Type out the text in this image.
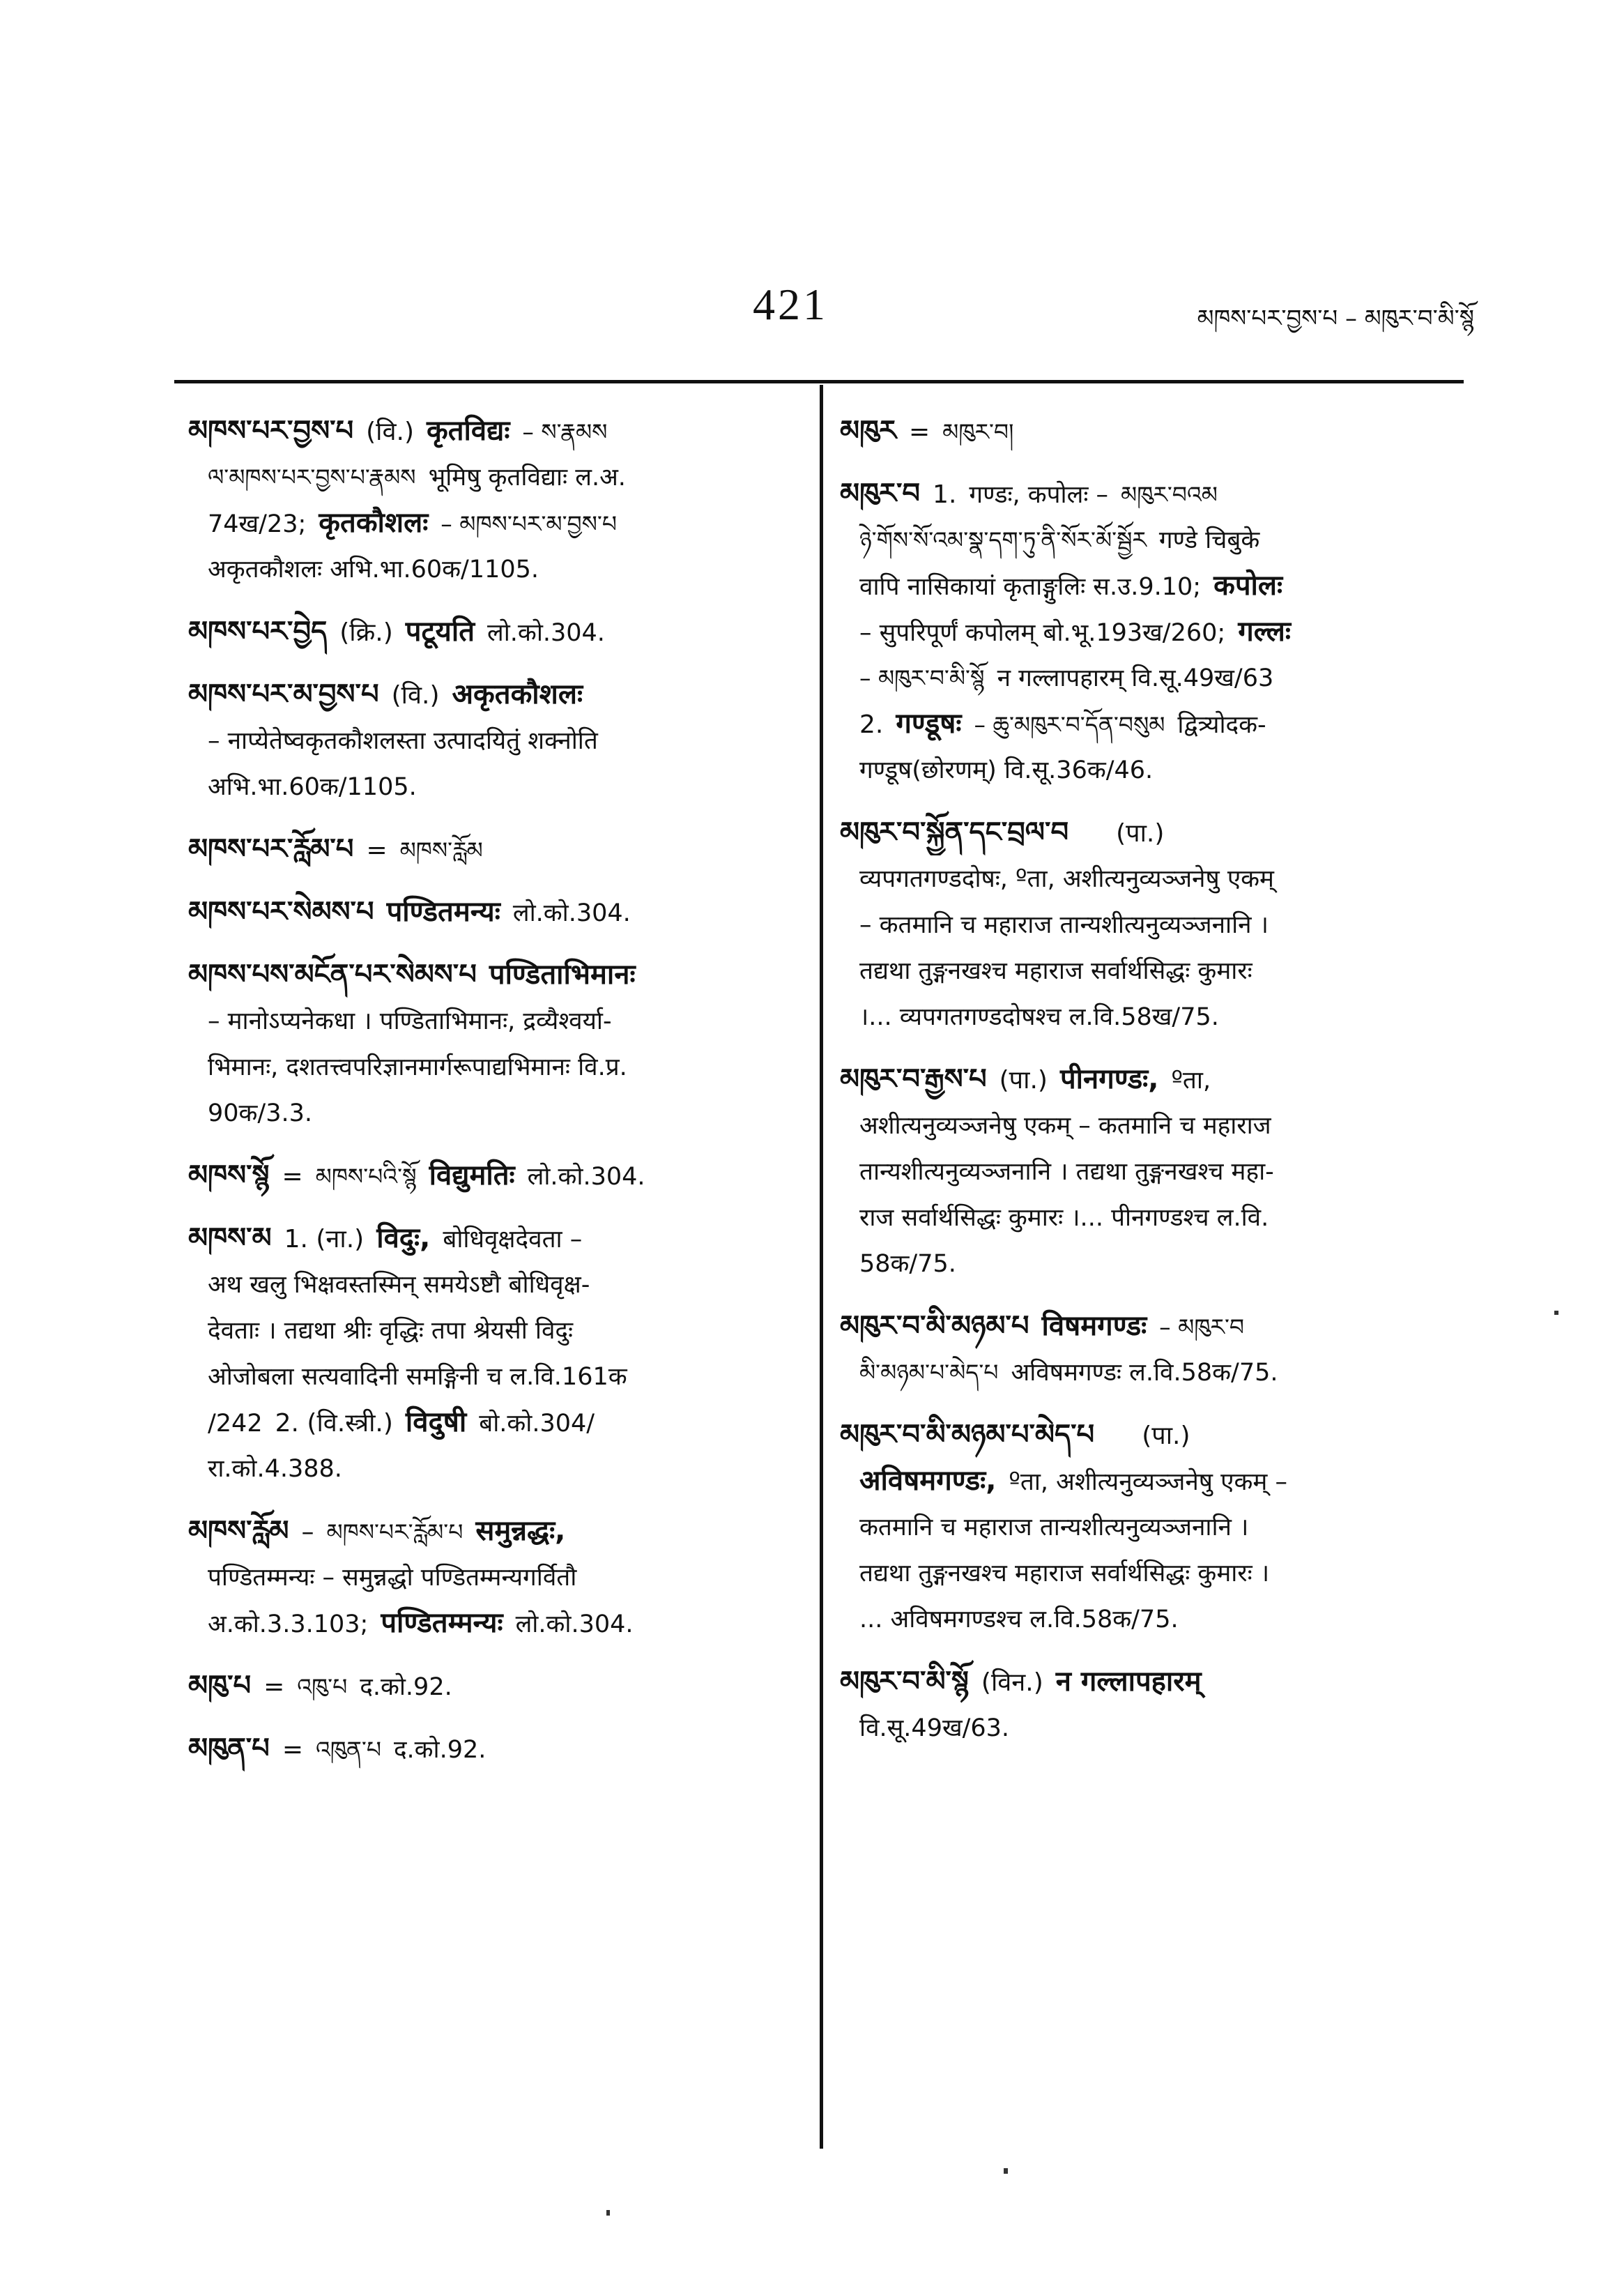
421	མཁས་པར་བྱས་པ – མཁུར་བ་མི་སྙོ
མཁས་པར་བྱས་པ (वि.) कृतविद्यः – ས་རྣམས
ལ་མཁས་པར་བྱས་པ་རྣམས भूमिषु कृतविद्याः ल.अ.
74ख/23; कृतकौशलः – མཁས་པར་མ་བྱས་པ
अकृतकौशलः अभि.भा.60क/1105.
མཁས་པར་བྱེད (क्रि.) पटूयति लो.को.304.
མཁས་པར་མ་བྱས་པ (वि.) अकृतकौशलः
– नाप्येतेष्वकृतकौशलस्ता उत्पादयितुं शक्नोति
अभि.भा.60क/1105.
མཁས་པར་རློམ་པ = མཁས་རློམ
མཁས་པར་སེམས་པ पण्डितमन्यः लो.को.304.
མཁས་པས་མངོན་པར་སེམས་པ पण्डिताभिमानः
– मानोऽप्यनेकधा । पण्डिताभिमानः, द्रव्यैश्वर्या-
भिमानः, दशतत्त्वपरिज्ञानमार्गरूपाद्यभिमानः वि.प्र.
90क/3.3.
མཁས་སྙོ = མཁས་པའི་སྙོ विद्युमतिः लो.को.304.
མཁས་མ 1. (ना.) विदुः, बोधिवृक्षदेवता –
अथ खलु भिक्षवस्तस्मिन् समयेऽष्टौ बोधिवृक्ष-
देवताः । तद्यथा श्रीः वृद्धिः तपा श्रेयसी विदुः
ओजोबला सत्यवादिनी समङ्गिनी च ल.वि.161क
/242 2. (वि.स्त्री.) विदुषी बो.को.304/
रा.को.4.388.
མཁས་རློམ – མཁས་པར་རློམ་པ समुन्नद्धः,
पण्डितम्मन्यः – समुन्नद्धो पण्डितम्मन्यगर्वितौ
अ.को.3.3.103; पण्डितम्मन्यः लो.को.304.
མཁུ་པ = འཁུ་པ द.को.92.
མཁུན་པ = འཁུན་པ द.को.92.
མཁུར = མཁུར་བ།
མཁུར་བ 1. गण्डः, कपोलः – མཁུར་བའམ
ཉེ་གོས་སོ་འམ་སྣ་དག་ཏུ་ནི་སོར་མོ་སྦྱོར गण्डे चिबुके
वापि नासिकायां कृताङ्गुलिः स.उ.9.10; कपोलः
– सुपरिपूर्णं कपोलम् बो.भू.193ख/260; गल्लः
– མཁུར་བ་མི་སྙོ न गल्लापहारम् वि.सू.49ख/63
2. गण्डूषः – ཆུ་མཁུར་བ་དོན་བསུམ द्वित्र्योदक-
गण्डूष(छोरणम्) वि.सू.36क/46.
མཁུར་བ་སྐྱོན་དང་བྲལ་བ (पा.)
व्यपगतगण्डदोषः, ºता, अशीत्यनुव्यञ्जनेषु एकम्
– कतमानि च महाराज तान्यशीत्यनुव्यञ्जनानि ।
तद्यथा तुङ्गनखश्च महाराज सर्वार्थसिद्धः कुमारः
।... व्यपगतगण्डदोषश्च ल.वि.58ख/75.
མཁུར་བ་རྒྱས་པ (पा.) पीनगण्डः, ºता,
अशीत्यनुव्यञ्जनेषु एकम् – कतमानि च महाराज
तान्यशीत्यनुव्यञ्जनानि । तद्यथा तुङ्गनखश्च महा-
राज सर्वार्थसिद्धः कुमारः ।... पीनगण्डश्च ल.वि.
58क/75.
མཁུར་བ་མི་མཉམ་པ विषमगण्डः – མཁུར་བ
མི་མཉམ་པ་མེད་པ अविषमगण्डः ल.वि.58क/75.
མཁུར་བ་མི་མཉམ་པ་མེད་པ (पा.)
अविषमगण्डः, ºता, अशीत्यनुव्यञ्जनेषु एकम् –
कतमानि च महाराज तान्यशीत्यनुव्यञ्जनानि ।
तद्यथा तुङ्गनखश्च महाराज सर्वार्थसिद्धः कुमारः ।
... अविषमगण्डश्च ल.वि.58क/75.
མཁུར་བ་མི་སྙོ (विन.) न गल्लापहारम्
वि.सू.49ख/63.
